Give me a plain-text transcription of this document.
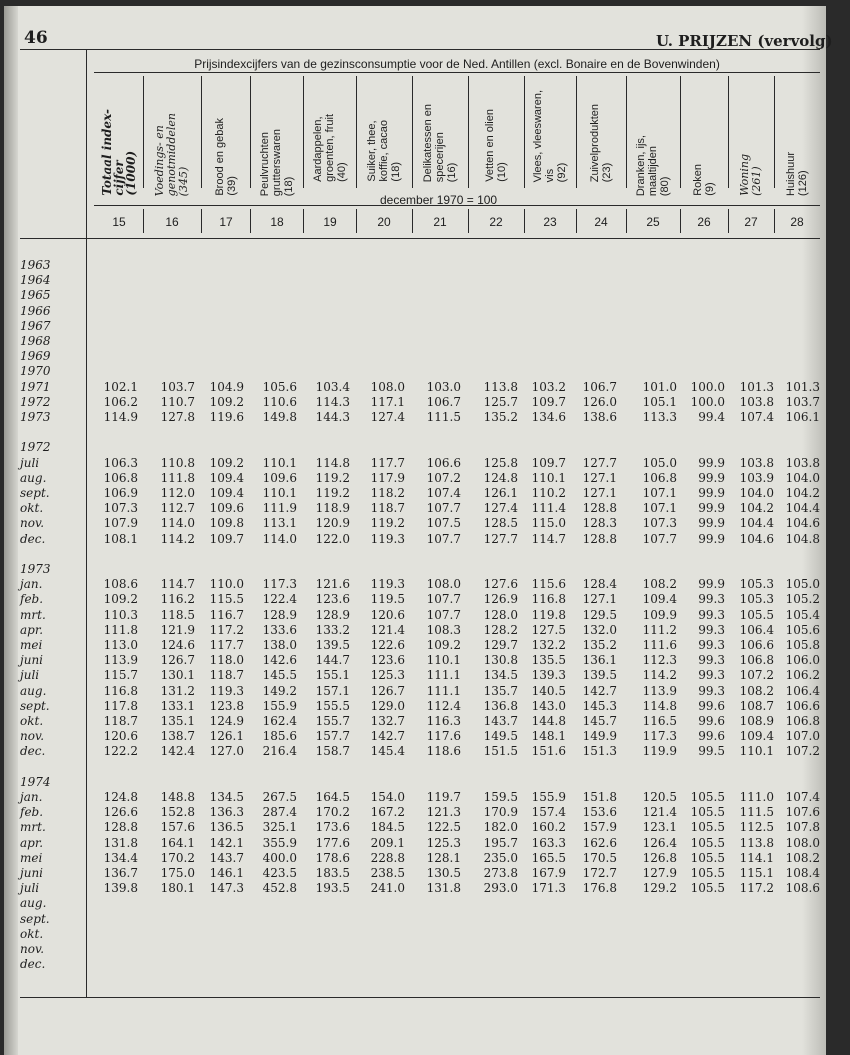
46	U. PRIJZEN (vervolg)
Prijsindexcijfers van de gezinsconsumptie voor de Ned. Antillen (excl. Bonaire en de Bovenwinden)
december 1970 = 100
Totaal index-
cijfer
(1000)
15
Voedings- en
genotmiddelen
(345)
16
Brood en gebak
(39)
17
Peulvruchten
grutterswaren
(18)
18
Aardappelen,
groenten, fruit
(40)
19
Suiker, thee,
koffie, cacao
(18)
20
Delikatessen en
specerijen
(16)
21
Vetten en olien
(10)
22
Vlees, vleeswaren,
vis
(92)
23
Zuivelprodukten
(23)
24
Dranken, ijs,
maaltijden
(80)
25
Roken
(9)
26
Woning
(261)
27
Huishuur
(126)
28
1963
1964
1965
1966
1967
1968
1969
1970
1971	102.1	103.7	104.9	105.6	103.4	108.0	103.0	113.8	103.2	106.7	101.0	100.0	101.3 101.3
1972	106.2	110.7	109.2	110.6	114.3	117.1	106.7	125.7	109.7	126.0	105.1	100.0	103.8 103.7
1973	114.9	127.8	119.6	149.8	144.3	127.4	111.5	135.2	134.6	138.6	113.3	99.4	107.4 106.1
1972
juli	106.3	110.8	109.2	110.1	114.8	117.7	106.6	125.8	109.7	127.7	105.0	99.9	103.8 103.8
aug.	106.8	111.8	109.4	109.6	119.2	117.9	107.2	124.8	110.1	127.1	106.8	99.9	103.9 104.0
sept.	106.9	112.0	109.4	110.1	119.2	118.2	107.4	126.1	110.2	127.1	107.1	99.9	104.0 104.2
okt.	107.3	112.7	109.6	111.9	118.9	118.7	107.7	127.4	111.4	128.8	107.1	99.9	104.2 104.4
nov.	107.9	114.0	109.8	113.1	120.9	119.2	107.5	128.5	115.0	128.3	107.3	99.9	104.4 104.6
dec.	108.1	114.2	109.7	114.0	122.0	119.3	107.7	127.7	114.7	128.8	107.7	99.9	104.6 104.8
1973
jan.	108.6	114.7	110.0	117.3	121.6	119.3	108.0	127.6	115.6	128.4	108.2	99.9	105.3 105.0
feb.	109.2	116.2	115.5	122.4	123.6	119.5	107.7	126.9	116.8	127.1	109.4	99.3	105.3 105.2
mrt.	110.3	118.5	116.7	128.9	128.9	120.6	107.7	128.0	119.8	129.5	109.9	99.3	105.5 105.4
apr.	111.8	121.9	117.2	133.6	133.2	121.4	108.3	128.2	127.5	132.0	111.2	99.3	106.4 105.6
mei	113.0	124.6	117.7	138.0	139.5	122.6	109.2	129.7	132.2	135.2	111.6	99.3	106.6 105.8
juni	113.9	126.7	118.0	142.6	144.7	123.6	110.1	130.8	135.5	136.1	112.3	99.3	106.8 106.0
juli	115.7	130.1	118.7	145.5	155.1	125.3	111.1	134.5	139.3	139.5	114.2	99.3	107.2 106.2
aug.	116.8	131.2	119.3	149.2	157.1	126.7	111.1	135.7	140.5	142.7	113.9	99.3	108.2 106.4
sept.	117.8	133.1	123.8	155.9	155.5	129.0	112.4	136.8	143.0	145.3	114.8	99.6	108.7 106.6
okt.	118.7	135.1	124.9	162.4	155.7	132.7	116.3	143.7	144.8	145.7	116.5	99.6	108.9 106.8
nov.	120.6	138.7	126.1	185.6	157.7	142.7	117.6	149.5	148.1	149.9	117.3	99.6	109.4 107.0
dec.	122.2	142.4	127.0	216.4	158.7	145.4	118.6	151.5	151.6	151.3	119.9	99.5	110.1 107.2
1974
jan.	124.8	148.8	134.5	267.5	164.5	154.0	119.7	159.5	155.9	151.8	120.5	105.5	111.0 107.4
feb.	126.6	152.8	136.3	287.4	170.2	167.2	121.3	170.9	157.4	153.6	121.4	105.5	111.5 107.6
mrt.	128.8	157.6	136.5	325.1	173.6	184.5	122.5	182.0	160.2	157.9	123.1	105.5	112.5 107.8
apr.	131.8	164.1	142.1	355.9	177.6	209.1	125.3	195.7	163.3	162.6	126.4	105.5	113.8 108.0
mei	134.4	170.2	143.7	400.0	178.6	228.8	128.1	235.0	165.5	170.5	126.8	105.5	114.1 108.2
juni	136.7	175.0	146.1	423.5	183.5	238.5	130.5	273.8	167.9	172.7	127.9	105.5	115.1 108.4
juli	139.8	180.1	147.3	452.8	193.5	241.0	131.8	293.0	171.3	176.8	129.2	105.5	117.2 108.6
aug.
sept.
okt.
nov.
dec.
